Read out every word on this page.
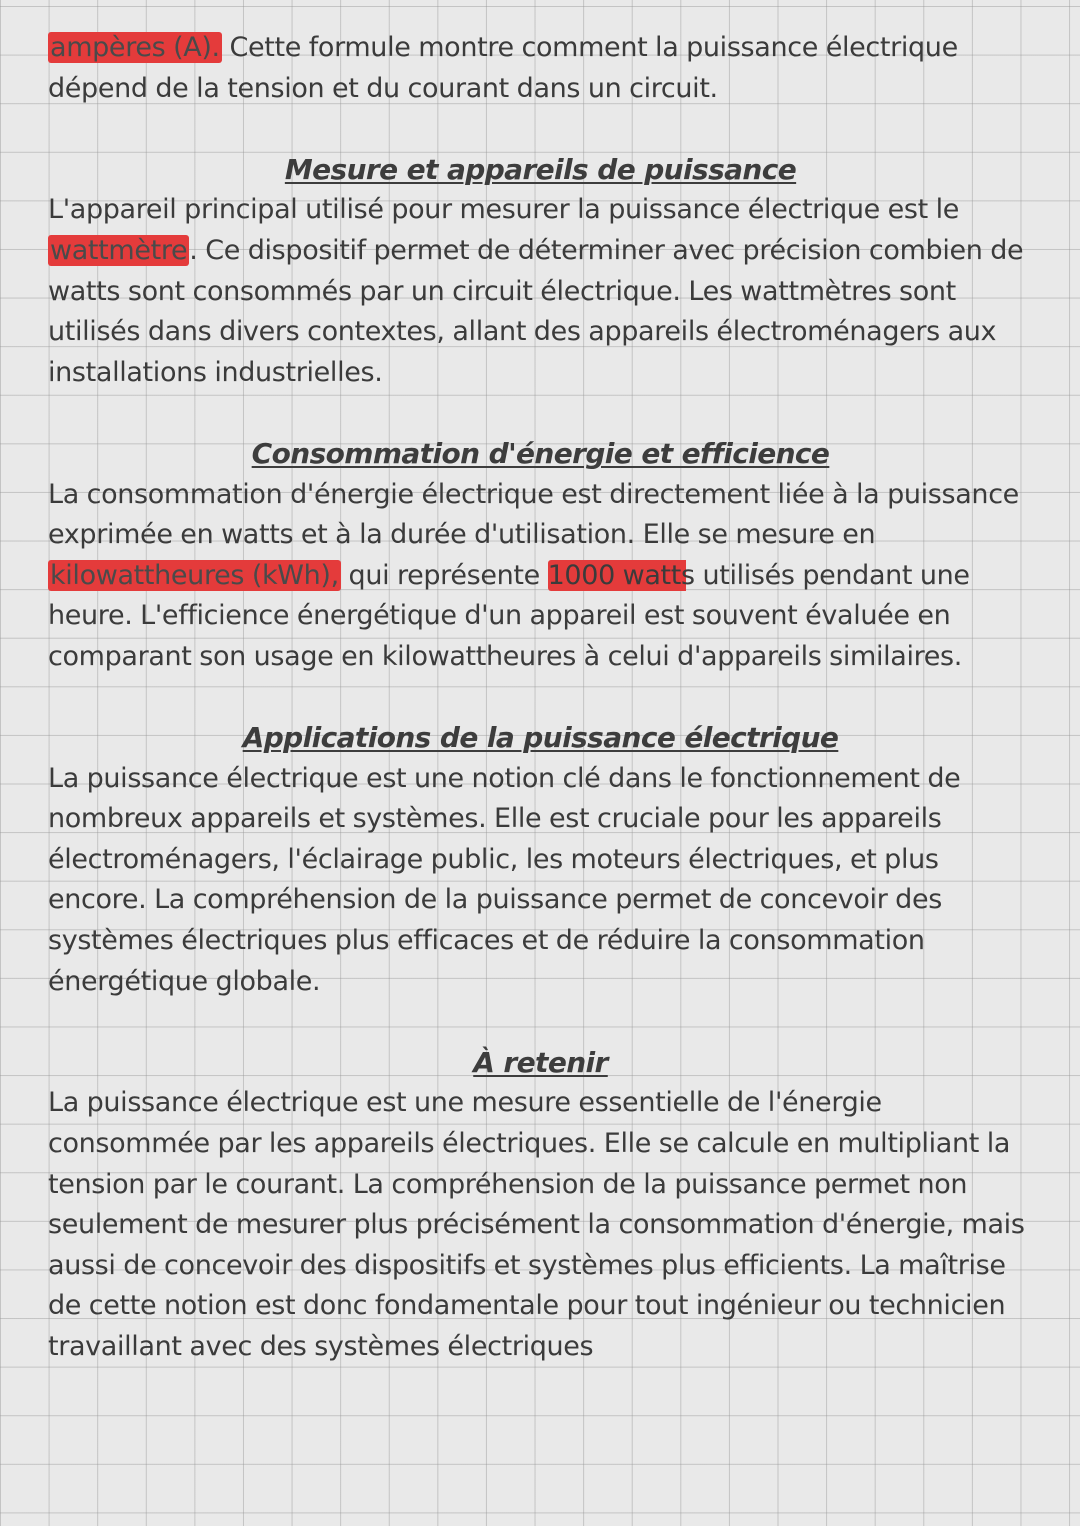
ampères (A). Cette formule montre comment la puissance électrique dépend de la tension et du courant dans un circuit.

Mesure et appareils de puissance

L'appareil principal utilisé pour mesurer la puissance électrique est le wattmètre. Ce dispositif permet de déterminer avec précision combien de watts sont consommés par un circuit électrique. Les wattmètres sont utilisés dans divers contextes, allant des appareils électroménagers aux installations industrielles.

Consommation d'énergie et efficience

La consommation d'énergie électrique est directement liée à la puissance exprimée en watts et à la durée d'utilisation. Elle se mesure en kilowattheures (kWh), qui représente 1000 watts utilisés pendant une heure. L'efficience énergétique d'un appareil est souvent évaluée en comparant son usage en kilowattheures à celui d'appareils similaires.

Applications de la puissance électrique

La puissance électrique est une notion clé dans le fonctionnement de nombreux appareils et systèmes. Elle est cruciale pour les appareils électroménagers, l'éclairage public, les moteurs électriques, et plus encore. La compréhension de la puissance permet de concevoir des systèmes électriques plus efficaces et de réduire la consommation énergétique globale.

À retenir

La puissance électrique est une mesure essentielle de l'énergie consommée par les appareils électriques. Elle se calcule en multipliant la tension par le courant. La compréhension de la puissance permet non seulement de mesurer plus précisément la consommation d'énergie, mais aussi de concevoir des dispositifs et systèmes plus efficients. La maîtrise de cette notion est donc fondamentale pour tout ingénieur ou technicien travaillant avec des systèmes électriques
